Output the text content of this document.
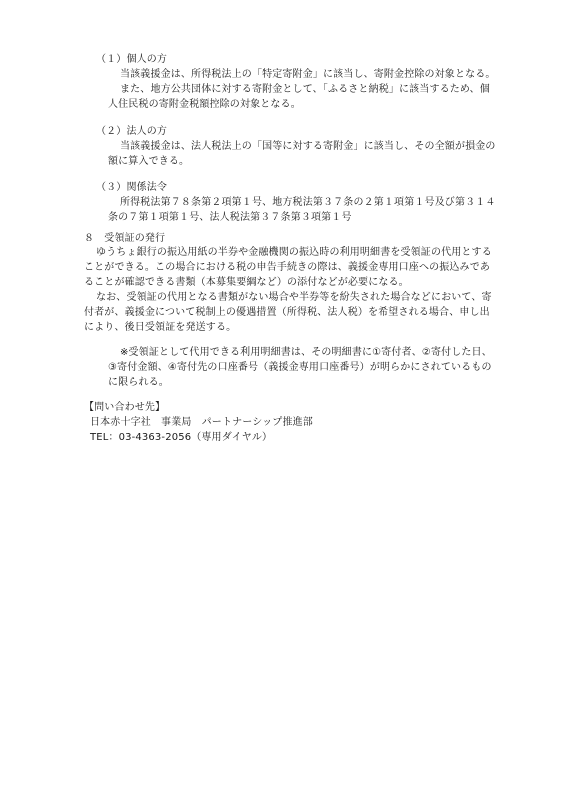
（１）個人の方
当該義援金は、所得税法上の「特定寄附金」に該当し、寄附金控除の対象となる。
また、地方公共団体に対する寄附金として、「ふるさと納税」に該当するため、個
人住民税の寄附金税額控除の対象となる。
（２）法人の方
当該義援金は、法人税法上の「国等に対する寄附金」に該当し、その全額が損金の
額に算入できる。
（３）関係法令
所得税法第７８条第２項第１号、地方税法第３７条の２第１項第１号及び第３１４
条の７第１項第１号、法人税法第３７条第３項第１号
８　受領証の発行
ゆうちょ銀行の振込用紙の半券や金融機関の振込時の利用明細書を受領証の代用とする
ことができる。この場合における税の申告手続きの際は、義援金専用口座への振込みであ
ることが確認できる書類（本募集要綱など）の添付などが必要になる。
なお、受領証の代用となる書類がない場合や半券等を紛失された場合などにおいて、寄
付者が、義援金について税制上の優遇措置（所得税、法人税）を希望される場合、申し出
により、後日受領証を発送する。
※受領証として代用できる利用明細書は、その明細書に①寄付者、②寄付した日、
③寄付金額、④寄付先の口座番号（義援金専用口座番号）が明らかにされているもの
に限られる。
【問い合わせ先】
日本赤十字社　事業局　パートナーシップ推進部
TEL：03-4363-2056（専用ダイヤル）
